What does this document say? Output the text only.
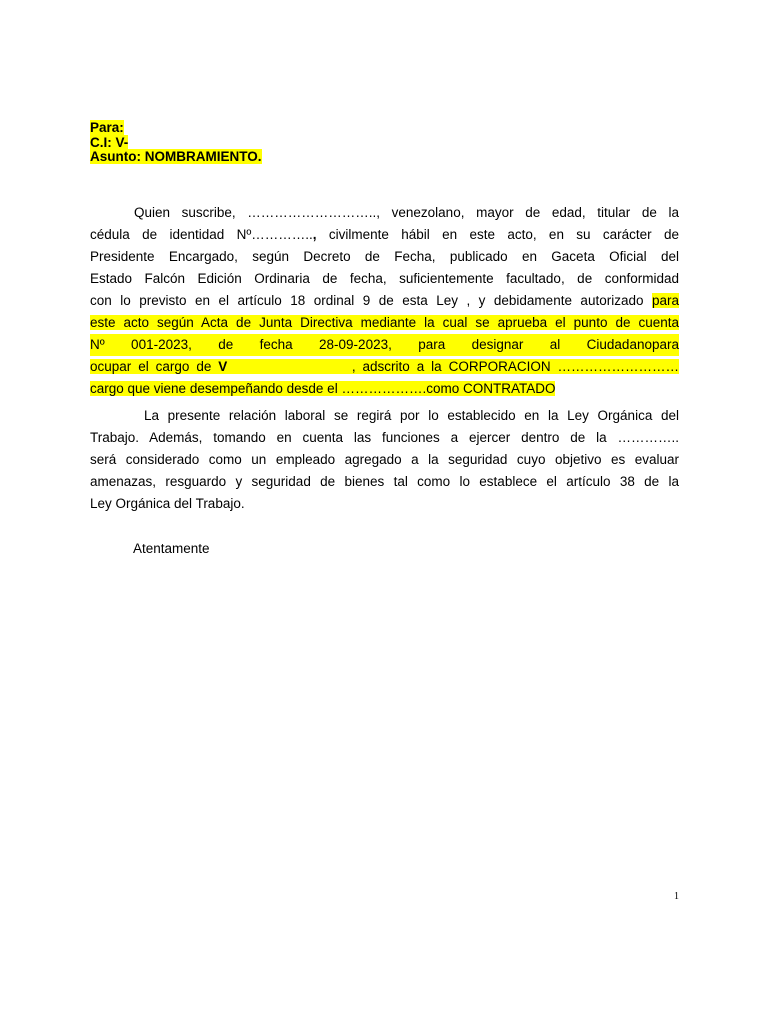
Para:
C.I: V-
Asunto: NOMBRAMIENTO.
Quien suscribe, ……………………….., venezolano, mayor de edad, titular de la
cédula de identidad Nº………….., civilmente hábil en este acto, en su carácter de
Presidente Encargado, según Decreto de Fecha, publicado en Gaceta Oficial del
Estado Falcón Edición Ordinaria de fecha, suficientemente facultado, de conformidad
con lo previsto en el artículo 18 ordinal 9 de esta Ley , y debidamente autorizado para
este acto según Acta de Junta Directiva mediante la cual se aprueba el punto de cuenta
Nº 001-2023, de fecha 28-09-2023, para designar al Ciudadanopara
ocupar el cargo de V                  , adscrito a la CORPORACION ………………………
cargo que viene desempeñando desde el ……………….como CONTRATADO
La presente relación laboral se regirá por lo establecido en la Ley Orgánica del
Trabajo. Además, tomando en cuenta las funciones a ejercer dentro de la …………..
será considerado como un empleado agregado a la seguridad cuyo objetivo es evaluar
amenazas, resguardo y seguridad de bienes tal como lo establece el artículo 38 de la
Ley Orgánica del Trabajo.
Atentamente
1
